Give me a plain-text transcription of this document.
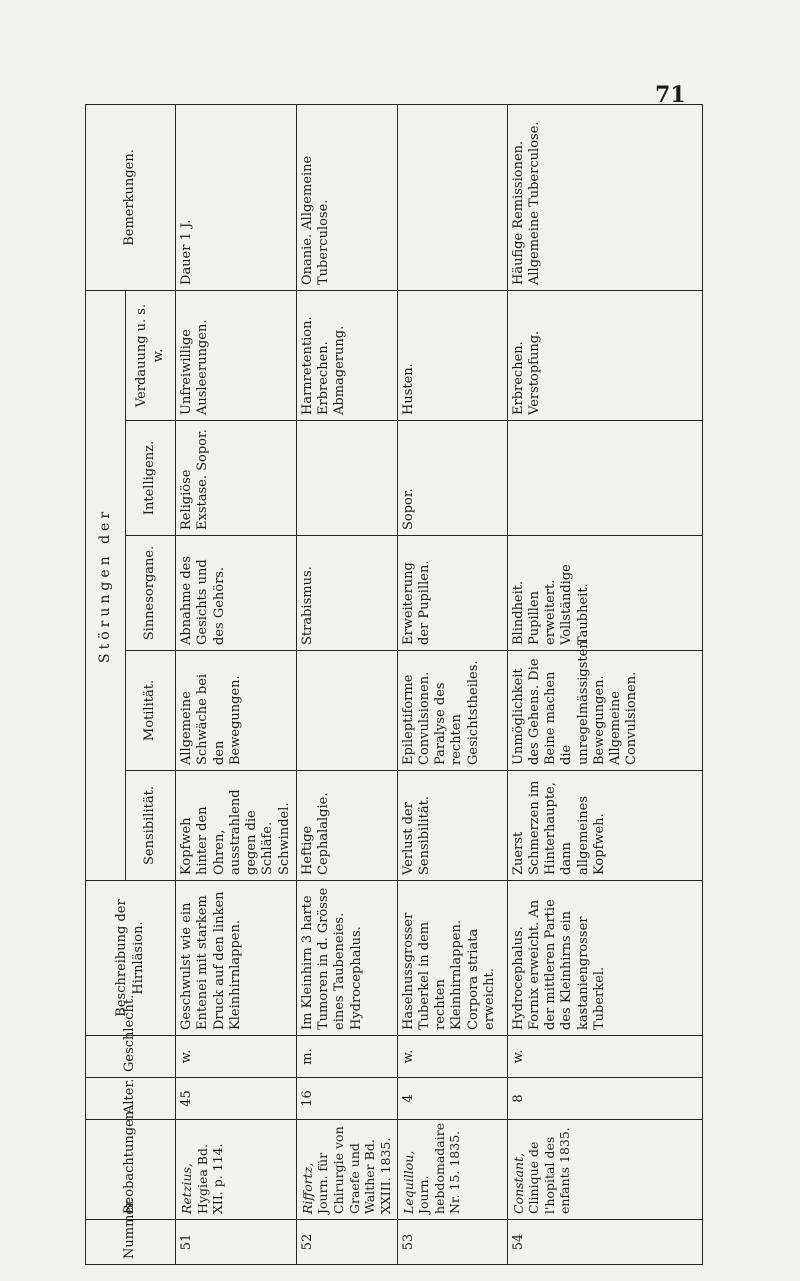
71
Nummer.	Beobachtungen.	Alter.	Geschlecht.	Beschreibung der Hirnläsion.	Störungen der					Bemerkungen.
					Sensibilität.	Motilität.	Sinnesorgane.	Intelligenz.	Verdauung u. s. w.	
51	Retzius, Hygiea Bd. XII. p. 114.	45	w.	Geschwulst wie ein Entenei mit starkem Druck auf den linken Kleinhirnlappen.	Kopfweh hinter den Ohren, ausstrahlend gegen die Schläfe. Schwindel.	Allgemeine Schwäche bei den Bewegungen.	Abnahme des Gesichts und des Gehörs.	Religiöse Exstase. Sopor.	Unfreiwillige Ausleerungen.	Dauer 1 J.
52	Riffortz, Journ. für Chirurgie von Graefe und Walther Bd. XXIII. 1835.	16	m.	Im Kleinhirn 3 harte Tumoren in d. Grösse eines Taubeneies. Hydrocephalus.	Heftige Cephalalgie.		Strabismus.		Harnretention. Erbrechen. Abmagerung.	Onanie. Allgemeine Tuberculose.
53	Lequillou, Journ. hebdomadaire Nr. 15. 1835.	4	w.	Haselnussgrosser Tuberkel in dem rechten Kleinhirnlappen. Corpora striata erweicht.	Verlust der Sensibilität.	Epileptiforme Convulsionen. Paralyse des rechten Gesichtstheiles.	Erweiterung der Pupillen.	Sopor.	Husten.	
54	Constant, Clinique de l'hopital des enfants 1835.	8	w.	Hydrocephalus. Fornix erweicht. An der mittleren Partie des Kleinhirns ein kastaniengrosser Tuberkel.	Zuerst Schmerzen im Hinterhaupte, dann allgemeines Kopfweh.	Unmöglichkeit des Gehens. Die Beine machen die unregelmässigsten Bewegungen. Allgemeine Convulsionen.	Blindheit. Pupillen erweitert. Vollständige Taubheit.		Erbrechen. Verstopfung.	Häufige Remissionen. Allgemeine Tuberculose.
